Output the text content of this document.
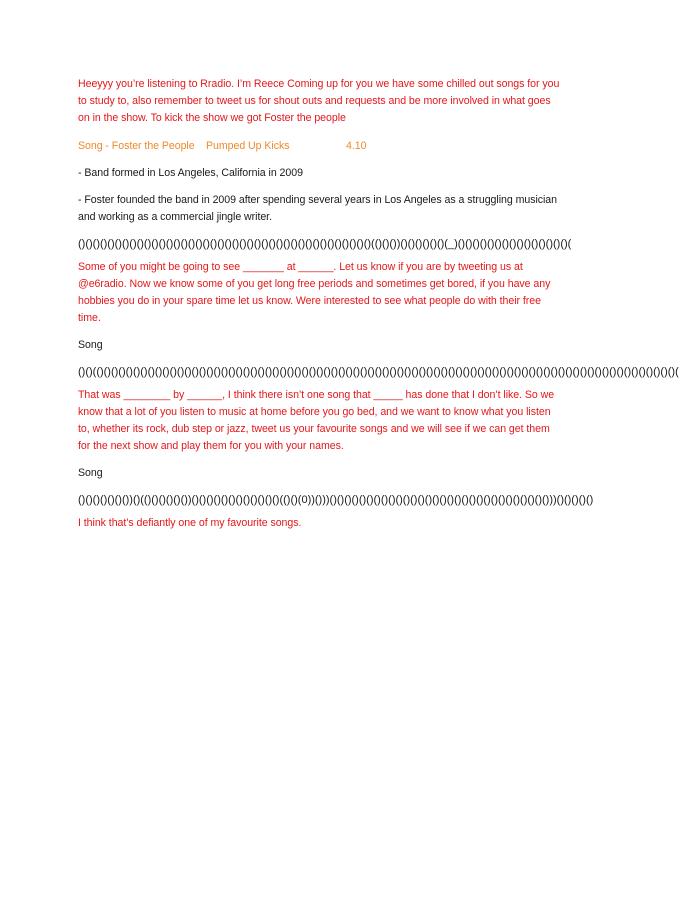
Heeyyy you’re listening to Rradio. I’m Reece Coming up for you we have some chilled out songs for you to study to, also remember to tweet us for shout outs and requests and be more involved in what goes on in the show. To kick the show we got Foster the people

Song - Foster the People Pumped Up Kicks	4.10

- Band formed in Los Angeles, California in 2009

- Foster founded the band in 2009 after spending several years in Los Angeles as a struggling musician and working as a commercial jingle writer.

()()()()()()()()()()()()()()()()()()()()()()()()()()()()()()()()()()()()()()()()(()()())()()()()()()(_)()()()()()()()()()()()()()()()(

Some of you might be going to see _______ at ______. Let us know if you are by tweeting us at @e6radio. Now we know some of you get long free periods and sometimes get bored, if you have any hobbies you do in your spare time let us know. Were interested to see what people do with their free time.

Song

()()(()()()()()()()()()()()()()()()()()()()()()()()()()()()()()()()()()()()()()()()()()()()()()()()()()()()()()()()()()()()()()()()()()()()()()()()()()()()()()()()(

That was ________ by ______, I think there isn’t one song that _____ has done that I don’t like. So we know that a lot of you listen to music at home before you go bed, and we want to know what you listen to, whether its rock, dub step or jazz, tweet us your favourite songs and we will see if we can get them for the next show and play them for you with your names.

Song

()()()()()()())()(()()()()()())()()()()()()()()()()()()(()()(0))()))()()()()()()()()()()()()()()()()()()()()()()()()()()()()()()))()()()()()

I think that’s defiantly one of my favourite songs.
